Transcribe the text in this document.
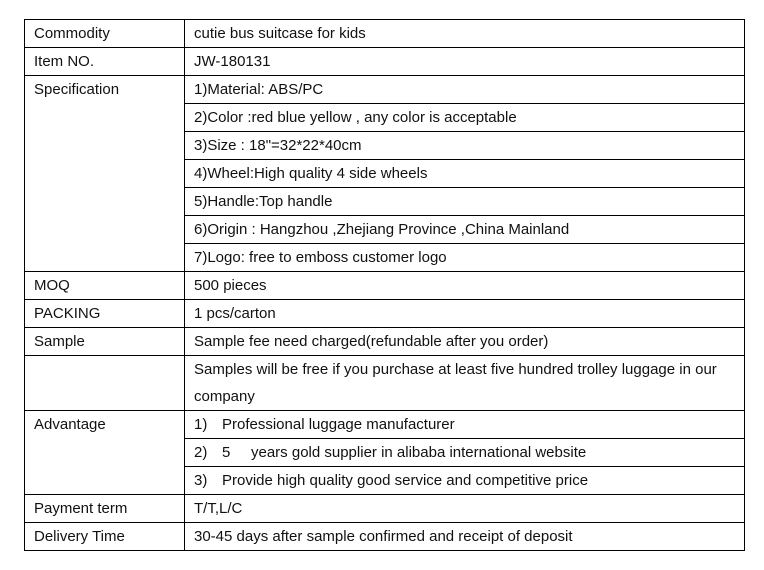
Commodity	cutie bus suitcase for kids
Item NO.	JW-180131
Specification	1)Material: ABS/PC
	2)Color :red blue yellow , any color is acceptable
	3)Size : 18"=32*22*40cm
	4)Wheel:High quality 4 side wheels
	5)Handle:Top handle
	6)Origin : Hangzhou ,Zhejiang Province ,China Mainland
	7)Logo: free to emboss customer logo
MOQ	500 pieces
PACKING	1 pcs/carton
Sample	Sample fee need charged(refundable after you order)
	Samples will be free if you purchase at least five hundred trolley luggage in our company
Advantage	1) Professional luggage manufacturer
	2) 5 years gold supplier in alibaba international website
	3) Provide high quality good service and competitive price
Payment term	T/T,L/C
Delivery Time	30-45 days after sample confirmed and receipt of deposit
